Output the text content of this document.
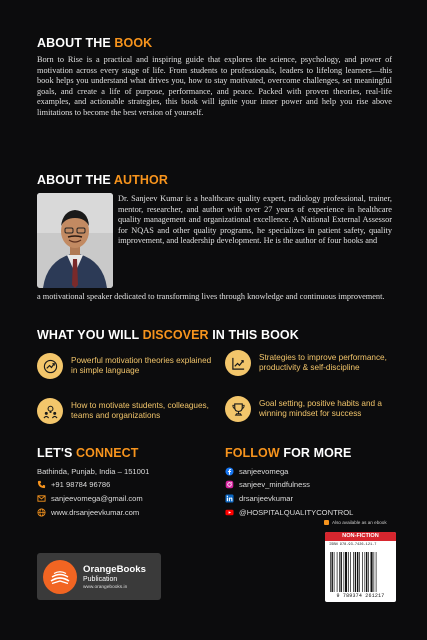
ABOUT THE BOOK

Born to Rise is a practical and inspiring guide that explores the science, psychology, and power of motivation across every stage of life. From students to professionals, leaders to lifelong learners—this book helps you understand what drives you, how to stay motivated, overcome challenges, set meaningful goals, and create a life of purpose, performance, and peace. Packed with proven theories, real-life examples, and actionable strategies, this book will ignite your inner power and help you rise above limitations to become the best version of yourself.

ABOUT THE AUTHOR

Dr. Sanjeev Kumar is a healthcare quality expert, radiology professional, trainer, mentor, researcher, and author with over 27 years of experience in healthcare quality management and organizational excellence. A National External Assessor for NQAS and other quality programs, he specializes in patient safety, quality improvement, and leadership development. He is the author of four books and

a motivational speaker dedicated to transforming lives through knowledge and continuous improvement.

WHAT YOU WILL DISCOVER IN THIS BOOK
Powerful motivation theories explained in simple language
Strategies to improve performance, productivity & self-discipline
How to motivate students, colleagues, teams and organizations
Goal setting, positive habits and a winning mindset for success
LET'S CONNECT	FOLLOW FOR MORE
Bathinda, Punjab, India – 151001
+91 98784 96786
sanjeevomega@gmail.com
www.drsanjeevkumar.com
sanjeevomega
sanjeev_mindfulness
drsanjeevkumar
@HOSPITALQUALITYCONTROL
OrangeBooks
Publication
www.orangebooks.in
Also available as an ebook
NON-FICTION
ISBN 978-93-7426-121-7
9 789374 261217
